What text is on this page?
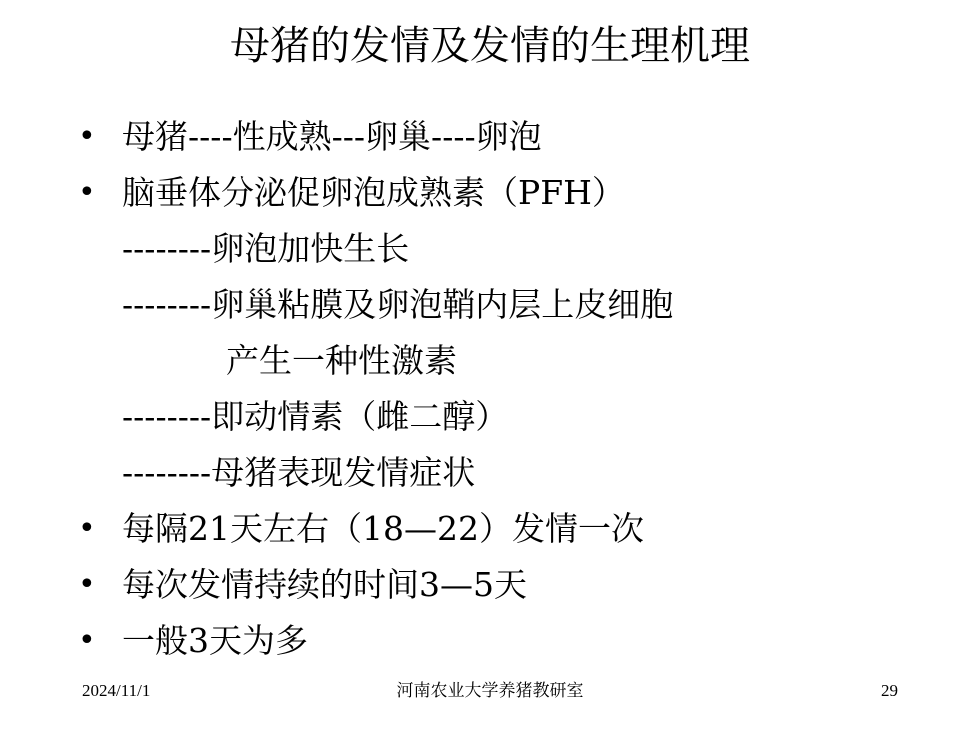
母猪的发情及发情的生理机理
• 母猪----性成熟---卵巢----卵泡
• 脑垂体分泌促卵泡成熟素（PFH）
--------卵泡加快生长
--------卵巢粘膜及卵泡鞘内层上皮细胞
产生一种性激素
--------即动情素（雌二醇）
--------母猪表现发情症状
• 每隔21天左右（18—22）发情一次
• 每次发情持续的时间3—5天
• 一般3天为多
2024/11/1	河南农业大学养猪教研室	29
